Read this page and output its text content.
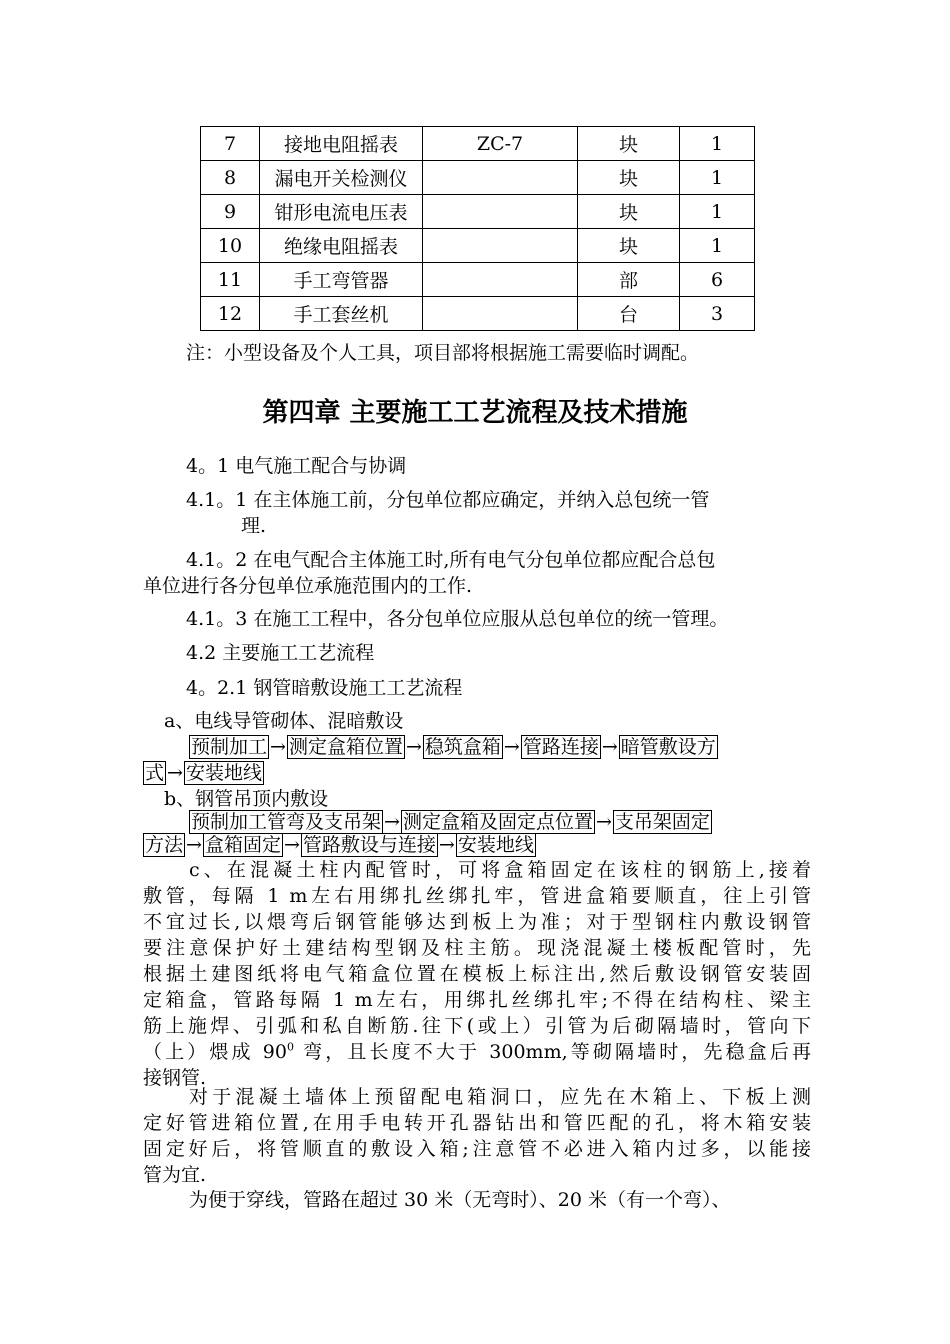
7	接地电阻摇表	ZC-7	块	1
8	漏电开关检测仪		块	1
9	钳形电流电压表		块	1
10	绝缘电阻摇表		块	1
11	手工弯管器		部	6
12	手工套丝机		台	3
注：小型设备及个人工具，项目部将根据施工需要临时调配。
第四章 主要施工工艺流程及技术措施
4。1 电气施工配合与协调
4.1。1 在主体施工前，分包单位都应确定，并纳入总包统一管
理.
4.1。2 在电气配合主体施工时,所有电气分包单位都应配合总包
单位进行各分包单位承施范围内的工作.
4.1。3 在施工工程中，各分包单位应服从总包单位的统一管理。
4.2 主要施工工艺流程
4。2.1 钢管暗敷设施工工艺流程
a、电线导管砌体、混暗敷设
预制加工 → 测定盒箱位置 → 稳筑盒箱 → 管路连接 → 暗管敷设方
式 → 安装地线
b、钢管吊顶内敷设
预制加工管弯及支吊架 → 测定盒箱及固定点位置 → 支吊架固定
方法 → 盒箱固定 → 管路敷设与连接 → 安装地线
c、在混凝土柱内配管时，可将盒箱固定在该柱的钢筋上,接着
敷管，每隔 1 m左右用绑扎丝绑扎牢，管进盒箱要顺直，往上引管
不宜过长,以煨弯后钢管能够达到板上为准；对于型钢柱内敷设钢管
要注意保护好土建结构型钢及柱主筋。现浇混凝土楼板配管时，先
根据土建图纸将电气箱盒位置在模板上标注出,然后敷设钢管安装固
定箱盒，管路每隔 1 m左右，用绑扎丝绑扎牢;不得在结构柱、梁主
筋上施焊、引弧和私自断筋.往下(或上）引管为后砌隔墙时，管向下
（上）煨成 $90^0$ 弯，且长度不大于 300mm,等砌隔墙时，先稳盒后再
接钢管.
对于混凝土墙体上预留配电箱洞口，应先在木箱上、下板上测
定好管进箱位置,在用手电转开孔器钻出和管匹配的孔，将木箱安装
固定好后，将管顺直的敷设入箱;注意管不必进入箱内过多，以能接
管为宜.
为便于穿线，管路在超过 30 米（无弯时）、20 米（有一个弯）、
